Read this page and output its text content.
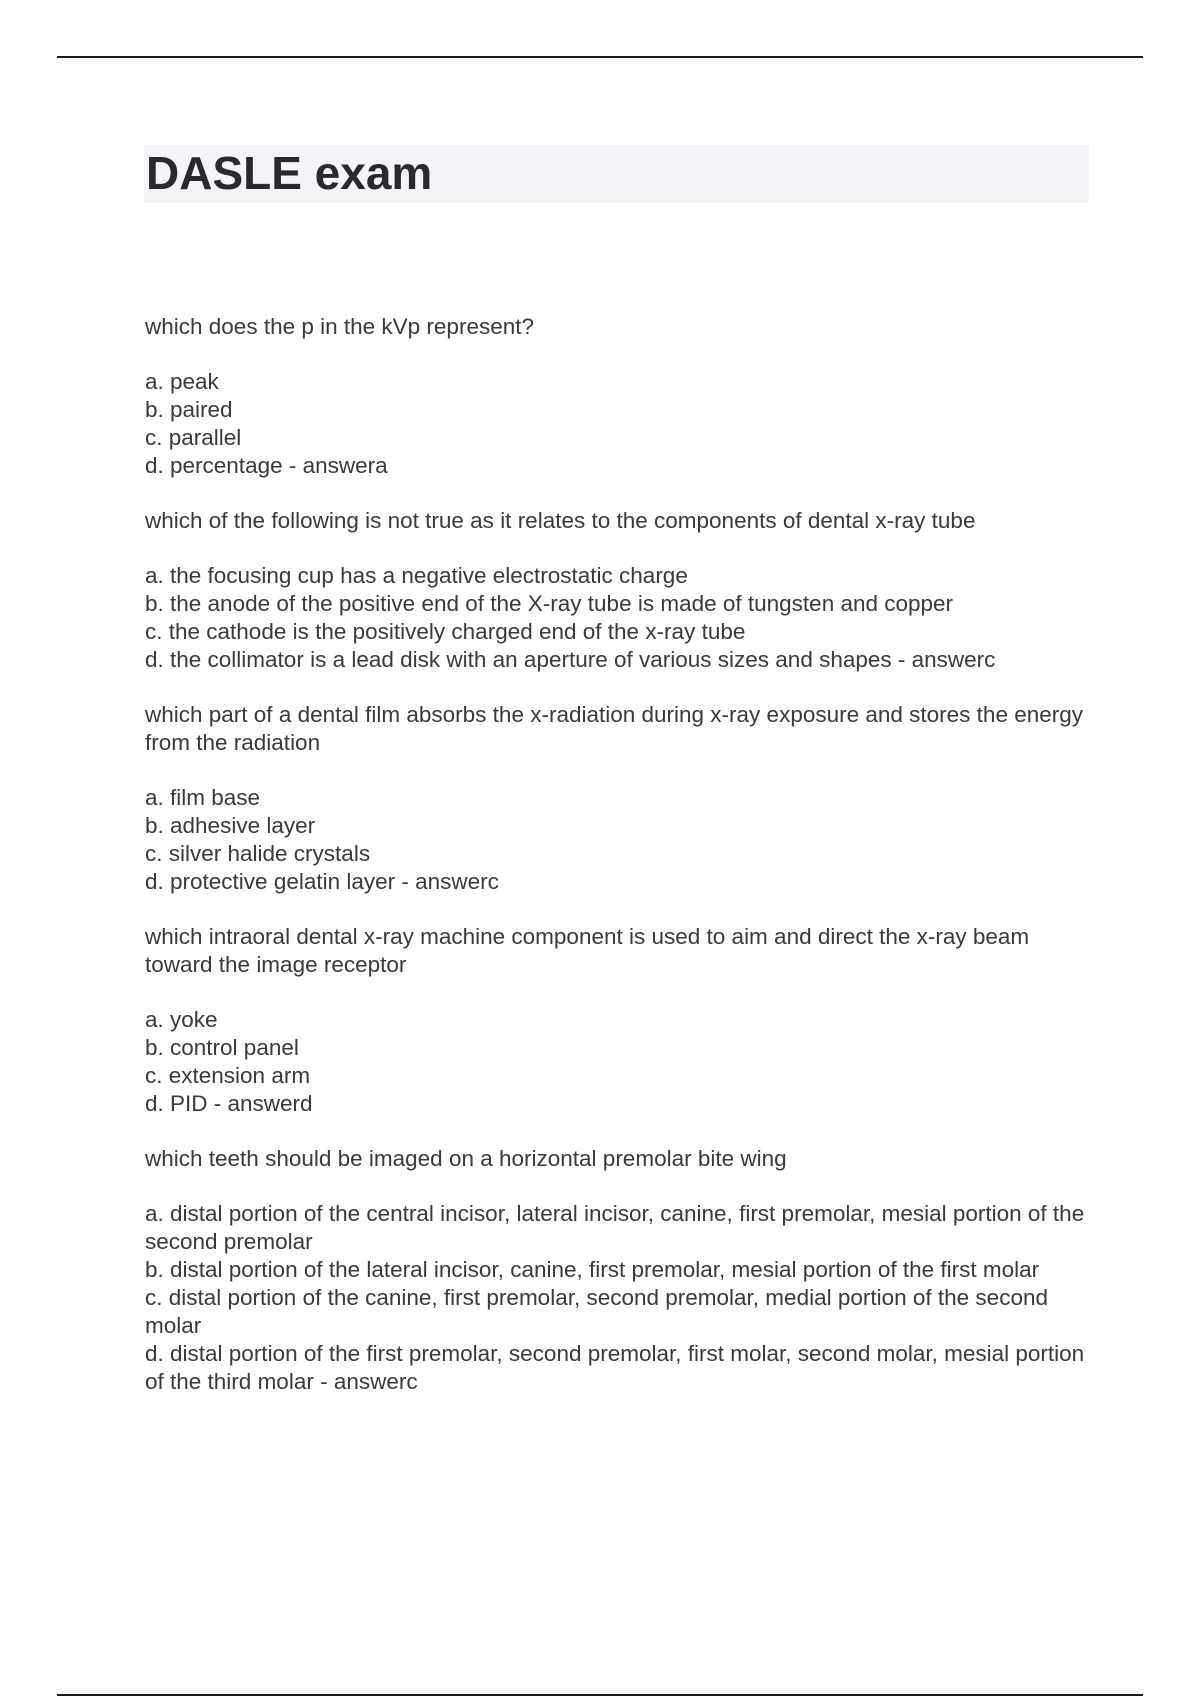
DASLE exam

which does the p in the kVp represent?

a. peak
b. paired
c. parallel
d. percentage - answera

which of the following is not true as it relates to the components of dental x-ray tube

a. the focusing cup has a negative electrostatic charge
b. the anode of the positive end of the X-ray tube is made of tungsten and copper
c. the cathode is the positively charged end of the x-ray tube
d. the collimator is a lead disk with an aperture of various sizes and shapes - answerc

which part of a dental film absorbs the x-radiation during x-ray exposure and stores the energy from the radiation

a. film base
b. adhesive layer
c. silver halide crystals
d. protective gelatin layer - answerc

which intraoral dental x-ray machine component is used to aim and direct the x-ray beam toward the image receptor

a. yoke
b. control panel
c. extension arm
d. PID - answerd

which teeth should be imaged on a horizontal premolar bite wing

a. distal portion of the central incisor, lateral incisor, canine, first premolar, mesial portion of the second premolar
b. distal portion of the lateral incisor, canine, first premolar, mesial portion of the first molar
c. distal portion of the canine, first premolar, second premolar, medial portion of the second molar
d. distal portion of the first premolar, second premolar, first molar, second molar, mesial portion of the third molar - answerc
